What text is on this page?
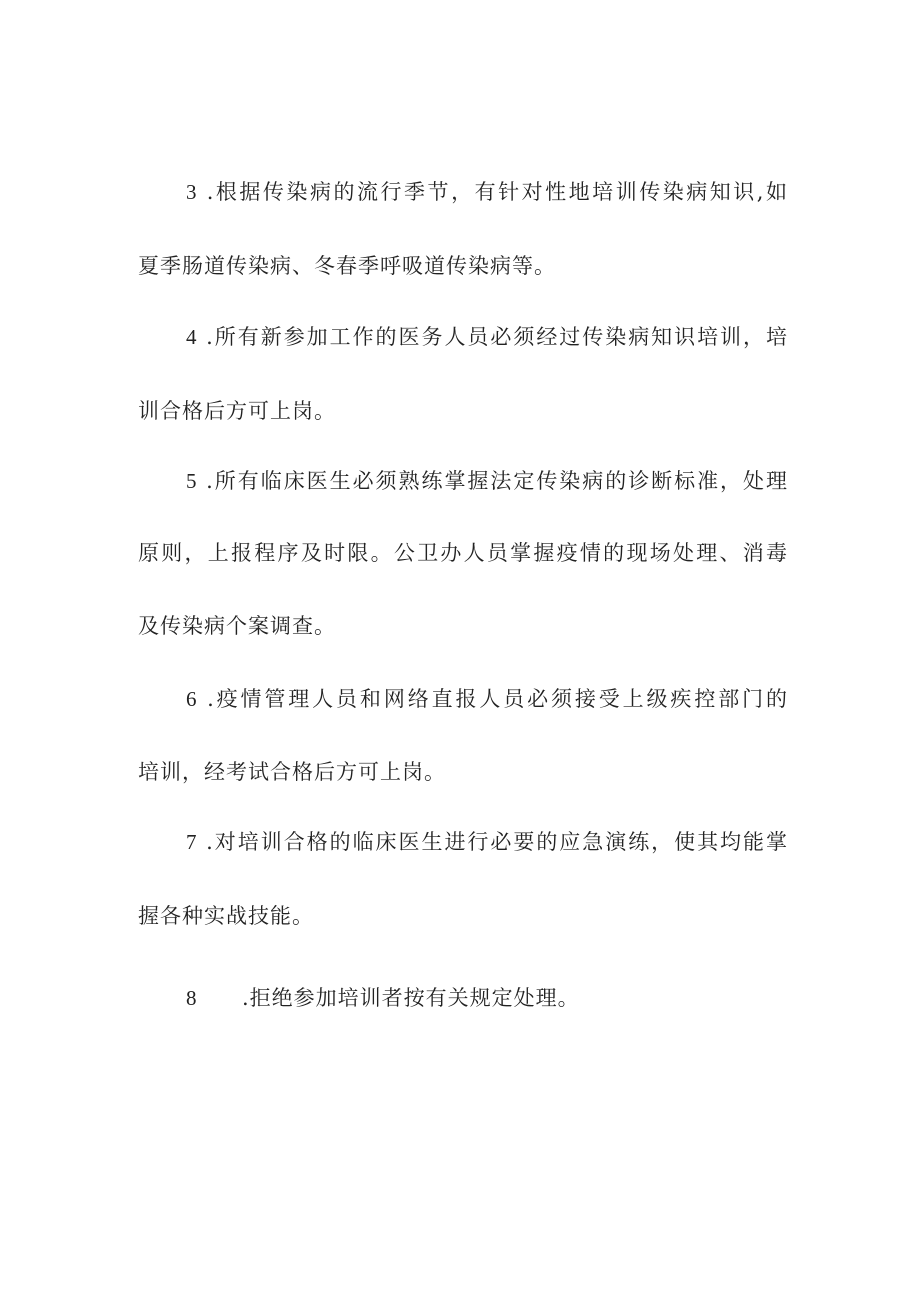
3 .根据传染病的流行季节，有针对性地培训传染病知识,如
夏季肠道传染病、冬春季呼吸道传染病等。
4 .所有新参加工作的医务人员必须经过传染病知识培训，培
训合格后方可上岗。
5 .所有临床医生必须熟练掌握法定传染病的诊断标准，处理
原则，上报程序及时限。公卫办人员掌握疫情的现场处理、消毒
及传染病个案调查。
6 .疫情管理人员和网络直报人员必须接受上级疾控部门的
培训，经考试合格后方可上岗。
7 .对培训合格的临床医生进行必要的应急演练，使其均能掌
握各种实战技能。
8 .拒绝参加培训者按有关规定处理。
